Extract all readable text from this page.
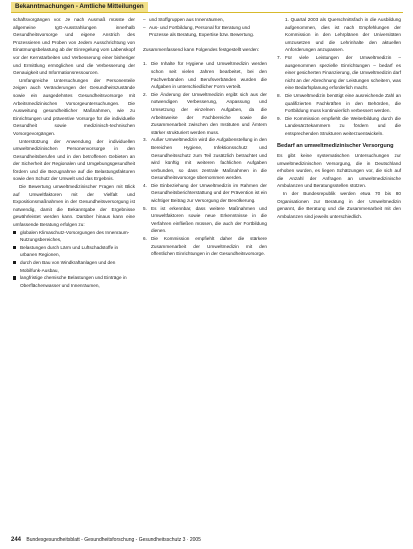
Bekanntmachungen - Amtliche Mitteilungen

schaftsvorgängen vor. Je nach Ausmaß müsste der allgemeine IgG-Ausstrahlungen innerhalb Gesundheitsvorsorge und eigene Anstrich des Prozessieren und Proben von Jedem Ausschrichtung von Einatmungsbelastung ab der Einregelung vom Labenskopf vor der Kernstarbeiten und Verbesserung einer bisheriger und Ermittlung ermöglichen und die Verbesserung der Genauigkeit und Informationsressourcen.

Umfangreiche Untersuchungen der Personenteile zeigen auch Veränderungen der Gesundheitszustände sowie ein ausgedehntes Gesundheitsvorsorge mit Arbeitsmedizinischen Vorsorgeuntersuchungen. Die Ausweitung gesundheitlicher Maßnahmen, wie zu Einrichtungen und präventive Vorsorge für die individuelle Gesundheit sowie medizinisch-technischen Vorsorgevorgängen.

Unterstützung der Anwendung der individuellen umweltmedizinischen Personenvorsorge in den Gesundheitsberufen und in den betroffenen Gebieten an der Sicherheit der Regionalen und Umgebungsgesundheit fördern und die Bezugnahme auf die Belastungsfaktoren sowie den Schutz der Umwelt und das Ergebnis.

Die Bewertung umweltmedizinischer Fragen mit Blick auf Umweltfaktoren mit der Vielfalt und Expositionsmaßnahmen in der Gesundheitsversorgung ist notwendig, damit die Bekanntgabe der Ergebnisse gewährleistet werden kann. Darüber hinaus kann eine umfassende Beratung erfolgen zu:

globalen Klimaschutz-Vorsorgungen des Innenraum-Nutzungsbereiches,
Belastungen durch Lärm und Luftschadstoffe in urbanen Regionen,
durch den Bau von Windkraftanlagen und den Mobilfunk-Ausbau,
langfristige chemische Belastungen und Einträge in Oberflächenwasser und Innenräumen,
– und Stoffgruppen aus Innenräumen,
– Aus- und Fortbildung, Personal für Beratung und Prozesse als Beratung, Expertise bzw. Bewertung.

Zusammenfassend kann Folgendes festgestellt werden:

1. Die Inhalte für Hygiene und Umweltmedizin werden schon seit vielen Jahren bearbeitet, bei den Fachverbänden und Berufsverbänden wurden die Aufgaben in unterschiedlicher Form verteilt.
2. Die Änderung der Umweltmedizin ergibt sich aus der notwendigen Verbesserung, Anpassung und Umsetzung der einzelnen Aufgaben, da die Arbeitsweise der Fachbereiche sowie die Zusammenarbeit zwischen den Instituten und Ämtern stärker strukturiert werden muss.
3. Außer Umweltmedizin wird die Aufgabenstellung in den Bereichen Hygiene, Infektionsschutz und Gesundheitsschutz zum Teil zusätzlich betrachtet und wird künftig mit weiteren fachlichen Aufgaben verbunden, so dass zentrale Maßnahmen in die Gesundheitsvorsorge übernommen werden.
4. Die Einbeziehung der Umweltmedizin im Rahmen der Gesundheitsberichterstattung und der Prävention ist ein wichtiger Beitrag zur Versorgung der Bevölkerung.
5. Es ist erkennbar, dass weitere Maßnahmen und Umweltfaktoren sowie neue Erkenntnisse in die Verfahren einfließen müssen, die auch der Fortbildung dienen.
6. Die Kommission empfiehlt daher die stärkere Zusammenarbeit der Umweltmedizin mit den öffentlichen Einrichtungen in der Gesundheitsvorsorge.
1. Quartal 2003 als Querschnittsfach in die Ausbildung aufgenommen, dies ist nach Empfehlungen der Kommission in den Lehrplänen der Universitäten umzusetzen und die Lehrinhalte den aktuellen Anforderungen anzupassen.
7. Für viele Leistungen der Umweltmedizin – ausgenommen spezielle Einrichtungen – bedarf es einer gesicherten Finanzierung, die Umweltmedizin darf nicht an der Abrechnung der Leistungen scheitern, was eine Bedarfsplanung erforderlich macht.
8. Die Umweltmedizin benötigt eine ausreichende Zahl an qualifizierten Fachkräften in den Behörden, die Fortbildung muss kontinuierlich verbessert werden.
9. Die Kommission empfiehlt die Weiterbildung durch die Landesärztekammern zu fördern und die entsprechenden Strukturen weiterzuentwickeln.
Bedarf an umweltmedizinischer Versorgung

Es gibt keine systematischen Untersuchungen zur umweltmedizinischen Versorgung, die in Deutschland erhoben wurden, es liegen Schätzungen vor, die sich auf die Anzahl der Anfragen an umweltmedizinische Ambulanzen und Beratungsstellen stützen.

In der Bundesrepublik werden etwa 70 bis 80 Organisationen zur Beratung in der Umweltmedizin genannt, die Beratung und die Zusammenarbeit mit den Ambulanzen sind jeweils unterschiedlich.

244 Bundesgesundheitsblatt - Gesundheitsforschung - Gesundheitsschutz 3 · 2005
